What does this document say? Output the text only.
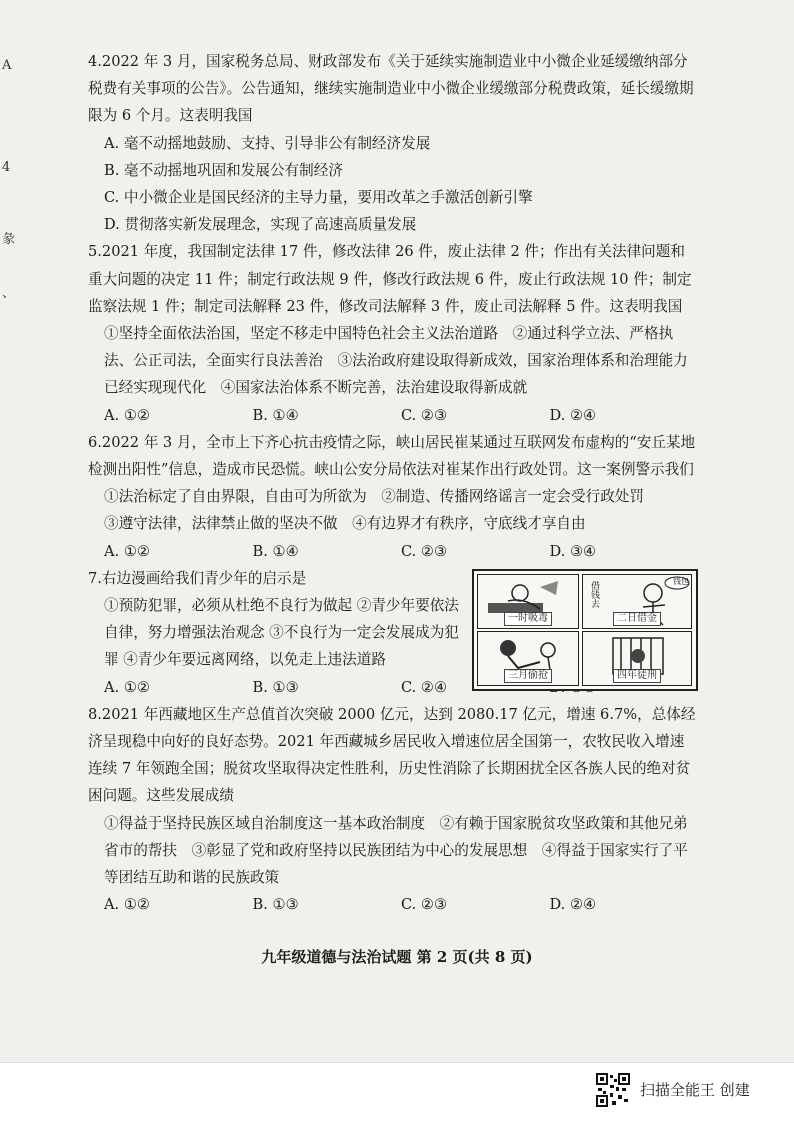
A
4
彖
、

4.2022 年 3 月，国家税务总局、财政部发布《关于延续实施制造业中小微企业延缓缴纳部分税费有关事项的公告》。公告通知，继续实施制造业中小微企业缓缴部分税费政策，延长缓缴期限为 6 个月。这表明我国

A. 毫不动摇地鼓励、支持、引导非公有制经济发展

B. 毫不动摇地巩固和发展公有制经济

C. 中小微企业是国民经济的主导力量，要用改革之手激活创新引擎

D. 贯彻落实新发展理念，实现了高速高质量发展

5.2021 年度，我国制定法律 17 件，修改法律 26 件，废止法律 2 件；作出有关法律问题和重大问题的决定 11 件；制定行政法规 9 件，修改行政法规 6 件，废止行政法规 10 件；制定监察法规 1 件；制定司法解释 23 件，修改司法解释 3 件，废止司法解释 5 件。这表明我国

①坚持全面依法治国，坚定不移走中国特色社会主义法治道路　②通过科学立法、严格执法、公正司法，全面实行良法善治　③法治政府建设取得新成效，国家治理体系和治理能力已经实现现代化　④国家法治体系不断完善，法治建设取得新成就

A. ①②	B. ①④	C. ②③	D. ②④

6.2022 年 3 月，全市上下齐心抗击疫情之际，峡山居民崔某通过互联网发布虚构的“安丘某地检测出阳性”信息，造成市民恐慌。峡山公安分局依法对崔某作出行政处罚。这一案例警示我们

①法治标定了自由界限，自由可为所欲为　②制造、传播网络谣言一定会受行政处罚

③遵守法律，法律禁止做的坚决不做　④有边界才有秩序，守底线才享自由

A. ①②	B. ①④	C. ②③	D. ③④

7.右边漫画给我们青少年的启示是

①预防犯罪，必须从杜绝不良行为做起 ②青少年要依法自律，努力增强法治观念 ③不良行为一定会发展成为犯罪 ④青少年要远离网络，以免走上违法道路

A. ①②	B. ①③	C. ②④
一时吸毒
借钱去	钱包
二日借金
三月偷抢	四年徒刑

8.2021 年西藏地区生产总值首次突破 2000 亿元，达到 2080.17 亿元，增速 6.7%，总体经济呈现稳中向好的良好态势。2021 年西藏城乡居民收入增速位居全国第一，农牧民收入增速连续 7 年领跑全国；脱贫攻坚取得决定性胜利，历史性消除了长期困扰全区各族人民的绝对贫困问题。这些发展成绩

①得益于坚持民族区域自治制度这一基本政治制度　②有赖于国家脱贫攻坚政策和其他兄弟省市的帮扶　③彰显了党和政府坚持以民族团结为中心的发展思想　④得益于国家实行了平等团结互助和谐的民族政策

A. ①②	B. ①③	C. ②③	D. ②④
九年级道德与法治试题 第 2 页(共 8 页)
扫描全能王 创建
